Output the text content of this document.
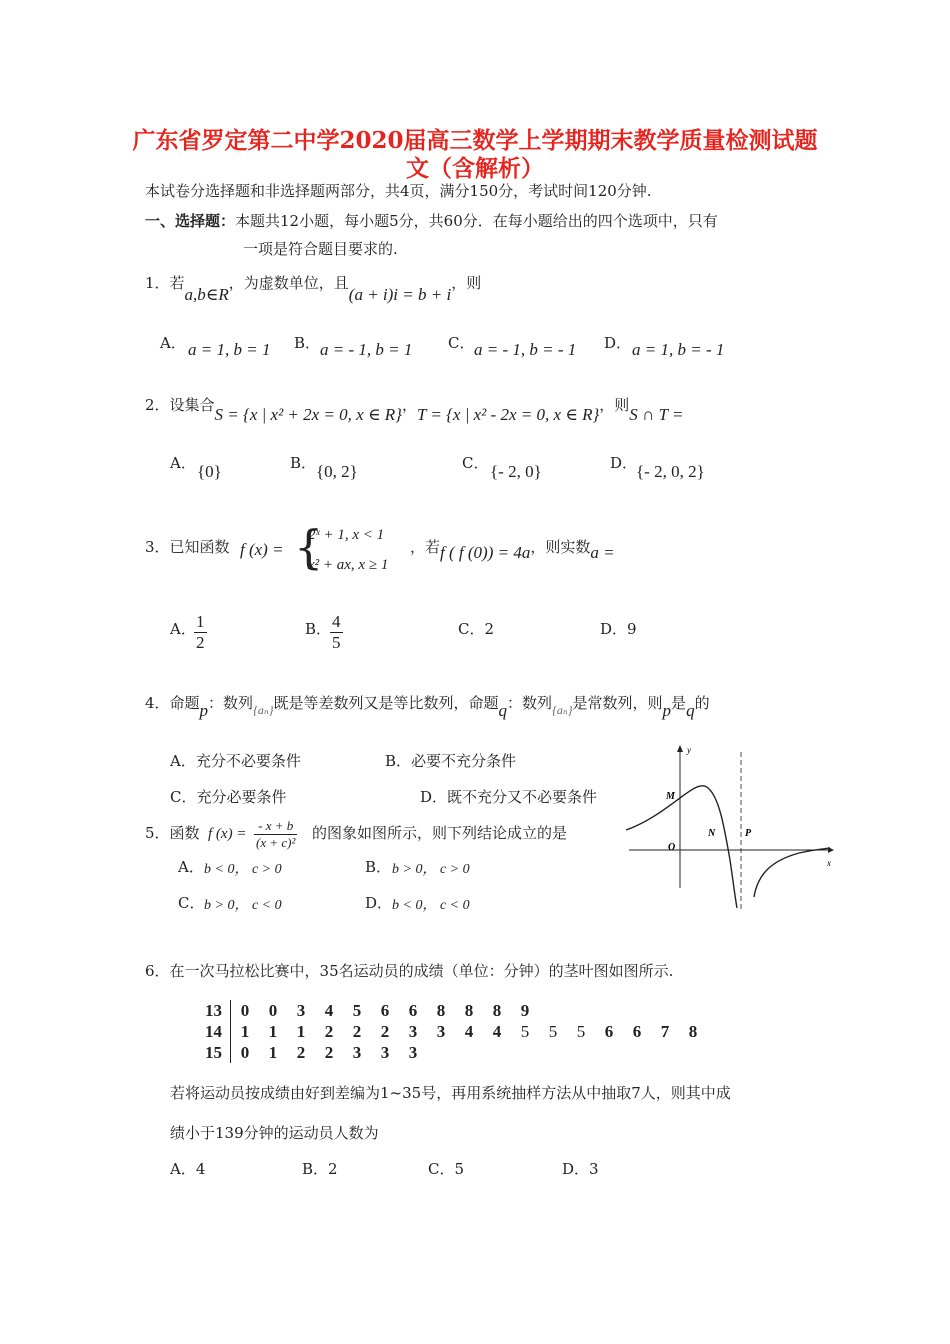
广东省罗定第二中学2020届高三数学上学期期末教学质量检测试题
文（含解析）
本试卷分选择题和非选择题两部分，共4页，满分150分，考试时间120分钟.
一、选择题：本题共12小题，每小题5分，共60分．在每小题给出的四个选项中，只有
一项是符合题目要求的.
1．若a,b∈R，为虚数单位，且(a + i)i = b + i，则
A． a = 1, b = 1 B． a = - 1, b = 1 C． a = - 1, b = - 1 D． a = 1, b = - 1
2．设集合S = {x | x² + 2x = 0, x ∈ R}，T = {x | x² - 2x = 0, x ∈ R}，则S ∩ T =
A． {0}	B． {0, 2}	C． {- 2, 0}	D．
{- 2, 0, 2}
3．已知函数 f (x) = {
2ˣ + 1, x < 1
x² + ax, x ≥ 1
，若f ( f (0)) = 4a，则实数a =
A．
$\frac{1}{2}$	B．
$\frac{4}{5}$	C．2	D．9
4．命题p：数列$_{\{a_n\}}$既是等差数列又是等比数列，命题q：数列$_{\{a_n\}}$是常数列，则p是q的
A．充分不必要条件	B．必要不充分条件
C．充分必要条件	D．既不充分又不必要条件
5．函数 f $(x) = \frac{- x + b}{\text{(x + c)²}}$ 的图象如图所示，则下列结论成立的是
A． b < 0， c > 0	B． b > 0， c > 0
C． b > 0， c < 0	D． b < 0， c < 0
y
x
M
N	P
O
6．在一次马拉松比赛中，35名运动员的成绩（单位：分钟）的茎叶图如图所示.
13	0	0	3	4	5	6	6	8	8	8	9						
14	1	1	1	2	2	2	3	3	4	4	5	5	5	6	6	7	8
15	0	1	2	2	3	3	3										
若将运动员按成绩由好到差编为1~35号，再用系统抽样方法从中抽取7人，则其中成
绩小于139分钟的运动员人数为
A．4	B．2	C．5	D．3
